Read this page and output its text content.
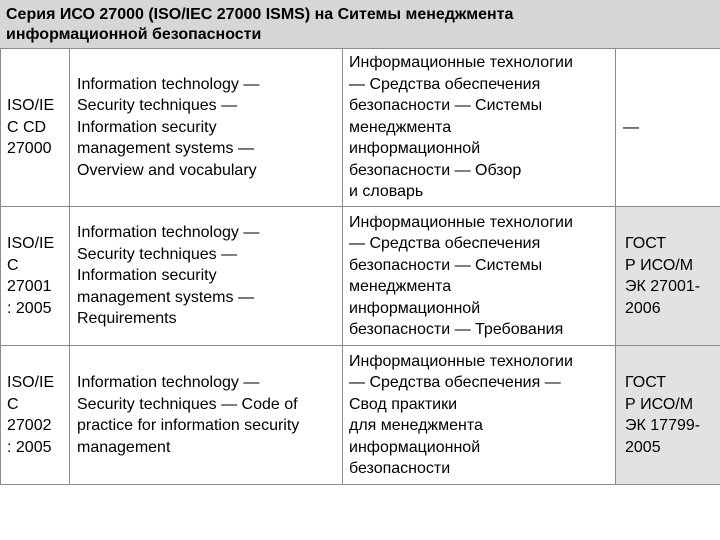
Серия ИСО 27000 (ISO/IEC 27000 ISMS) на Ситемы менеджмента
информационной безопасности
ISO/IE
C CD
27000
Information technology —
Security techniques —
Information security
management systems —
Overview and vocabulary
Информационные технологии
— Средства обеспечения
безопасности — Системы
менеджмента
информационной
безопасности — Обзор
и словарь
—
ISO/IE
C
27001
: 2005
Information technology —
Security techniques —
Information security
management systems —
Requirements
Информационные технологии
— Средства обеспечения
безопасности — Системы
менеджмента
информационной
безопасности — Требования
ГОСТ
Р ИСО/М
ЭК 27001-
2006
ISO/IE
C
27002
: 2005
Information technology —
Security techniques — Code of
practice for information security
management
Информационные технологии
— Средства обеспечения —
Свод практики
для менеджмента
информационной
безопасности
ГОСТ
Р ИСО/М
ЭК 17799-
2005
